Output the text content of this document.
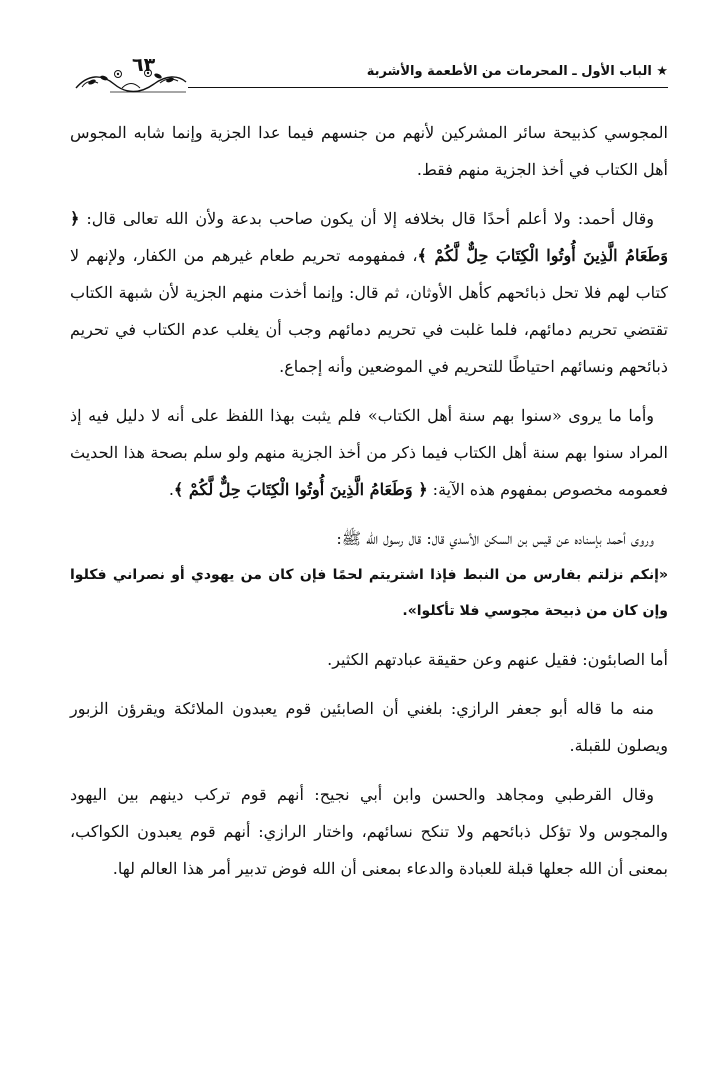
★ الباب الأول ـ المحرمات من الأطعمة والأشربة
٦٣

المجوسي كذبيحة سائر المشركين لأنهم من جنسهم فيما عدا الجزية وإنما شابه المجوس أهل الكتاب في أخذ الجزية منهم فقط.

وقال أحمد: ولا أعلم أحدًا قال بخلافه إلا أن يكون صاحب بدعة ولأن الله تعالى قال: ﴿ وَطَعَامُ الَّذِينَ أُوتُوا الْكِتَابَ حِلٌّ لَّكُمْ ﴾، فمفهومه تحريم طعام غيرهم من الكفار، ولإنهم لا كتاب لهم فلا تحل ذبائحهم كأهل الأوثان، ثم قال: وإنما أخذت منهم الجزية لأن شبهة الكتاب تقتضي تحريم دمائهم، فلما غلبت في تحريم دمائهم وجب أن يغلب عدم الكتاب في تحريم ذبائحهم ونسائهم احتياطًا للتحريم في الموضعين وأنه إجماع.

وأما ما يروى «سنوا بهم سنة أهل الكتاب» فلم يثبت بهذا اللفظ على أنه لا دليل فيه إذ المراد سنوا بهم سنة أهل الكتاب فيما ذكر من أخذ الجزية منهم ولو سلم بصحة هذا الحديث فعمومه مخصوص بمفهوم هذه الآية: ﴿ وَطَعَامُ الَّذِينَ أُوتُوا الْكِتَابَ حِلٌّ لَّكُمْ ﴾.

وروى أحمد بإسناده عن قيس بن السكن الأسدي قال: قال رسول الله ﷺ:

«إنكم نزلتم بفارس من النبط فإذا اشتريتم لحمًا فإن كان من يهودي أو نصراني فكلوا وإن كان من ذبيحة مجوسي فلا تأكلوا».

أما الصابئون: فقيل عنهم وعن حقيقة عبادتهم الكثير.

منه ما قاله أبو جعفر الرازي: بلغني أن الصابئين قوم يعبدون الملائكة ويقرؤن الزبور ويصلون للقبلة.

وقال القرطبي ومجاهد والحسن وابن أبي نجيح: أنهم قوم تركب دينهم بين اليهود والمجوس ولا تؤكل ذبائحهم ولا تنكح نسائهم، واختار الرازي: أنهم قوم يعبدون الكواكب، بمعنى أن الله جعلها قبلة للعبادة والدعاء بمعنى أن الله فوض تدبير أمر هذا العالم لها.
